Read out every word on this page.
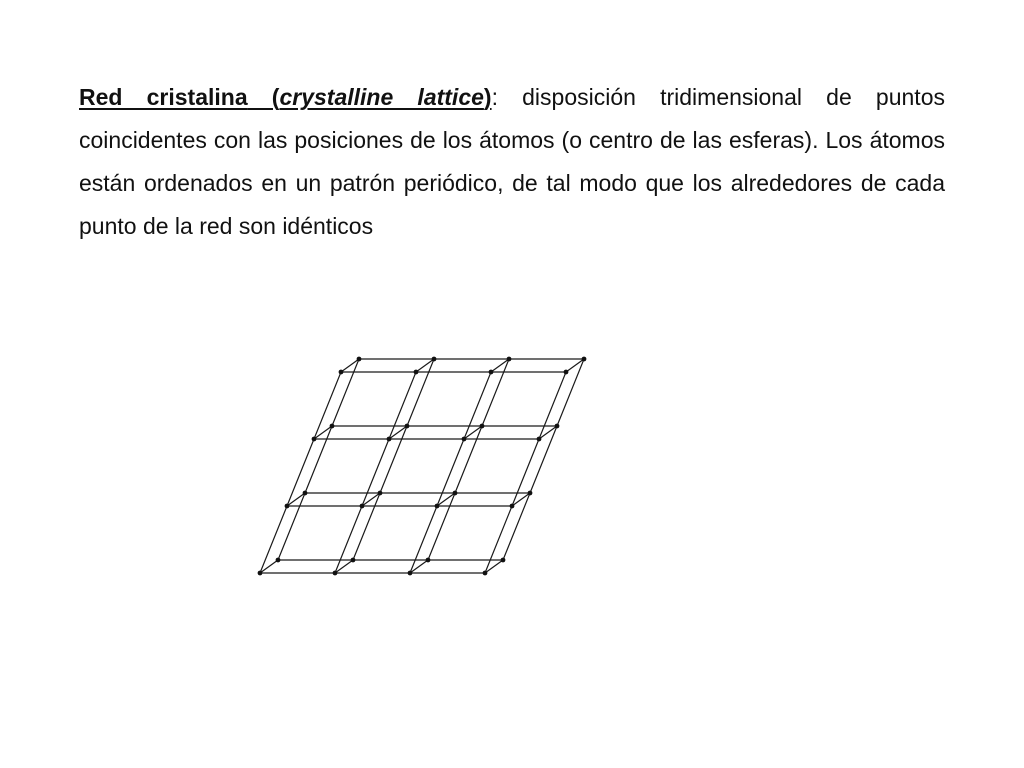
Red cristalina (crystalline lattice): disposición tridimensional de puntos coincidentes con las posiciones de los átomos (o centro de las esferas). Los átomos están ordenados en un patrón periódico, de tal modo que los alrededores de cada punto de la red son idénticos
